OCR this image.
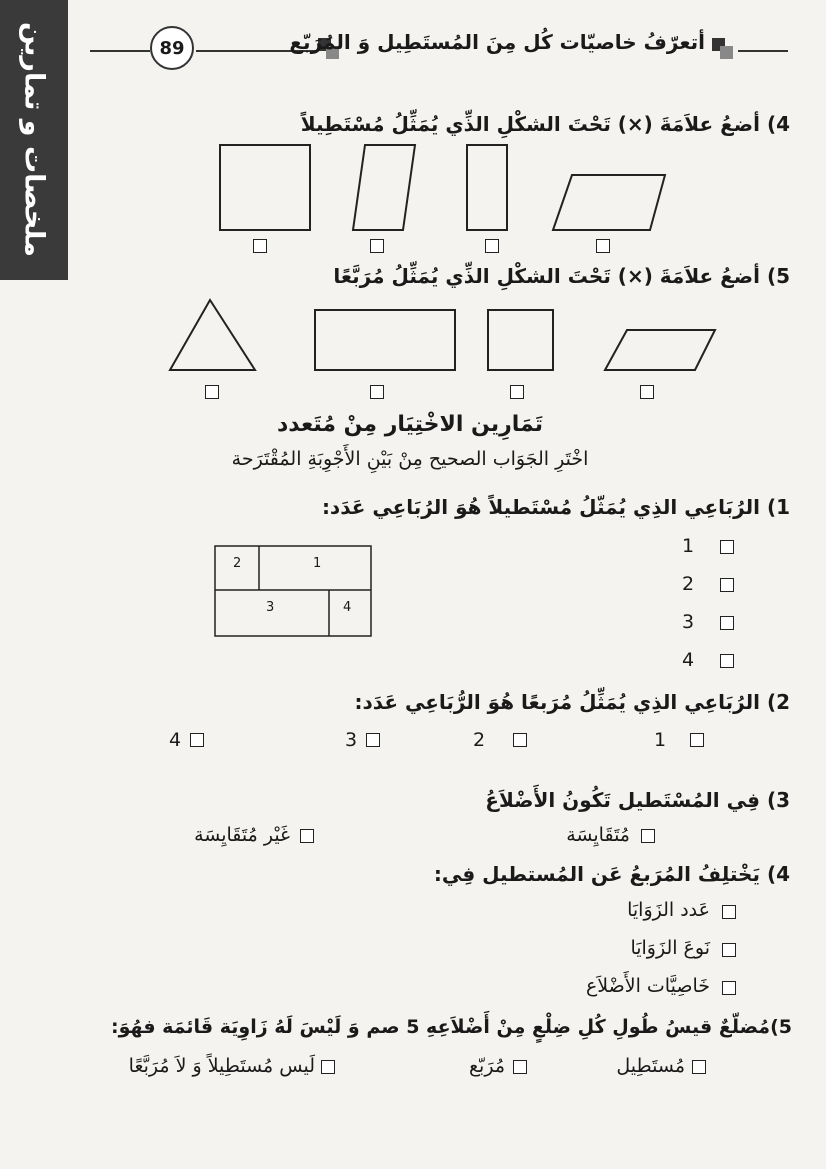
ملخصات و تمارين	89	أتعرّفُ خاصيّات كُل مِنَ المُستَطِيل وَ المُرَبّع
4) أضعُ علاَمَةَ (×) تَحْتَ الشكْلِ الذِّي يُمَثِّلُ مُسْتَطِيلاً
5) أضعُ علاَمَةَ (×) تَحْتَ الشكْلِ الذِّي يُمَثِّلُ مُرَبَّعًا
تَمَارِين الاخْتِيَار مِنْ مُتَعدد
اخْتَرِ الجَوَاب الصحيح مِنْ بَيْنِ الأَجْوِبَةِ المُقْتَرَحة
1) الرُبَاعِي الذِي يُمَثّلُ مُسْتَطيلاً هُوَ الرُبَاعِي عَدَد:
2	1
3	4
1
2
3
4
2) الرُبَاعِي الذِي يُمَثِّلُ مُرَبعًا هُوَ الرُّبَاعِي عَدَد:
1
2
3
4
3) فِي المُسْتَطيل تَكُونُ الأَضْلاَعُ
مُتَقَايِسَة
غَيْر مُتَقَايِسَة
4) يَخْتلِفُ المُرَبعُ عَن المُستطيل فِي:
عَدد الزَوَايَا
نَوعَ الزَوَايَا
خَاصِيَّات الأَضْلاَع
5)مُضلّعٌ قيسُ طُولِ كُلِ ضِلْعٍ مِنْ أَضْلاَعِهِ 5 صم وَ لَيْسَ لَهُ زَاوِيَة قَائمَة فهُوَ:
مُستَطِيل
مُرَبّع
لَيس مُستَطِيلاً وَ لاَ مُرَبَّعًا
